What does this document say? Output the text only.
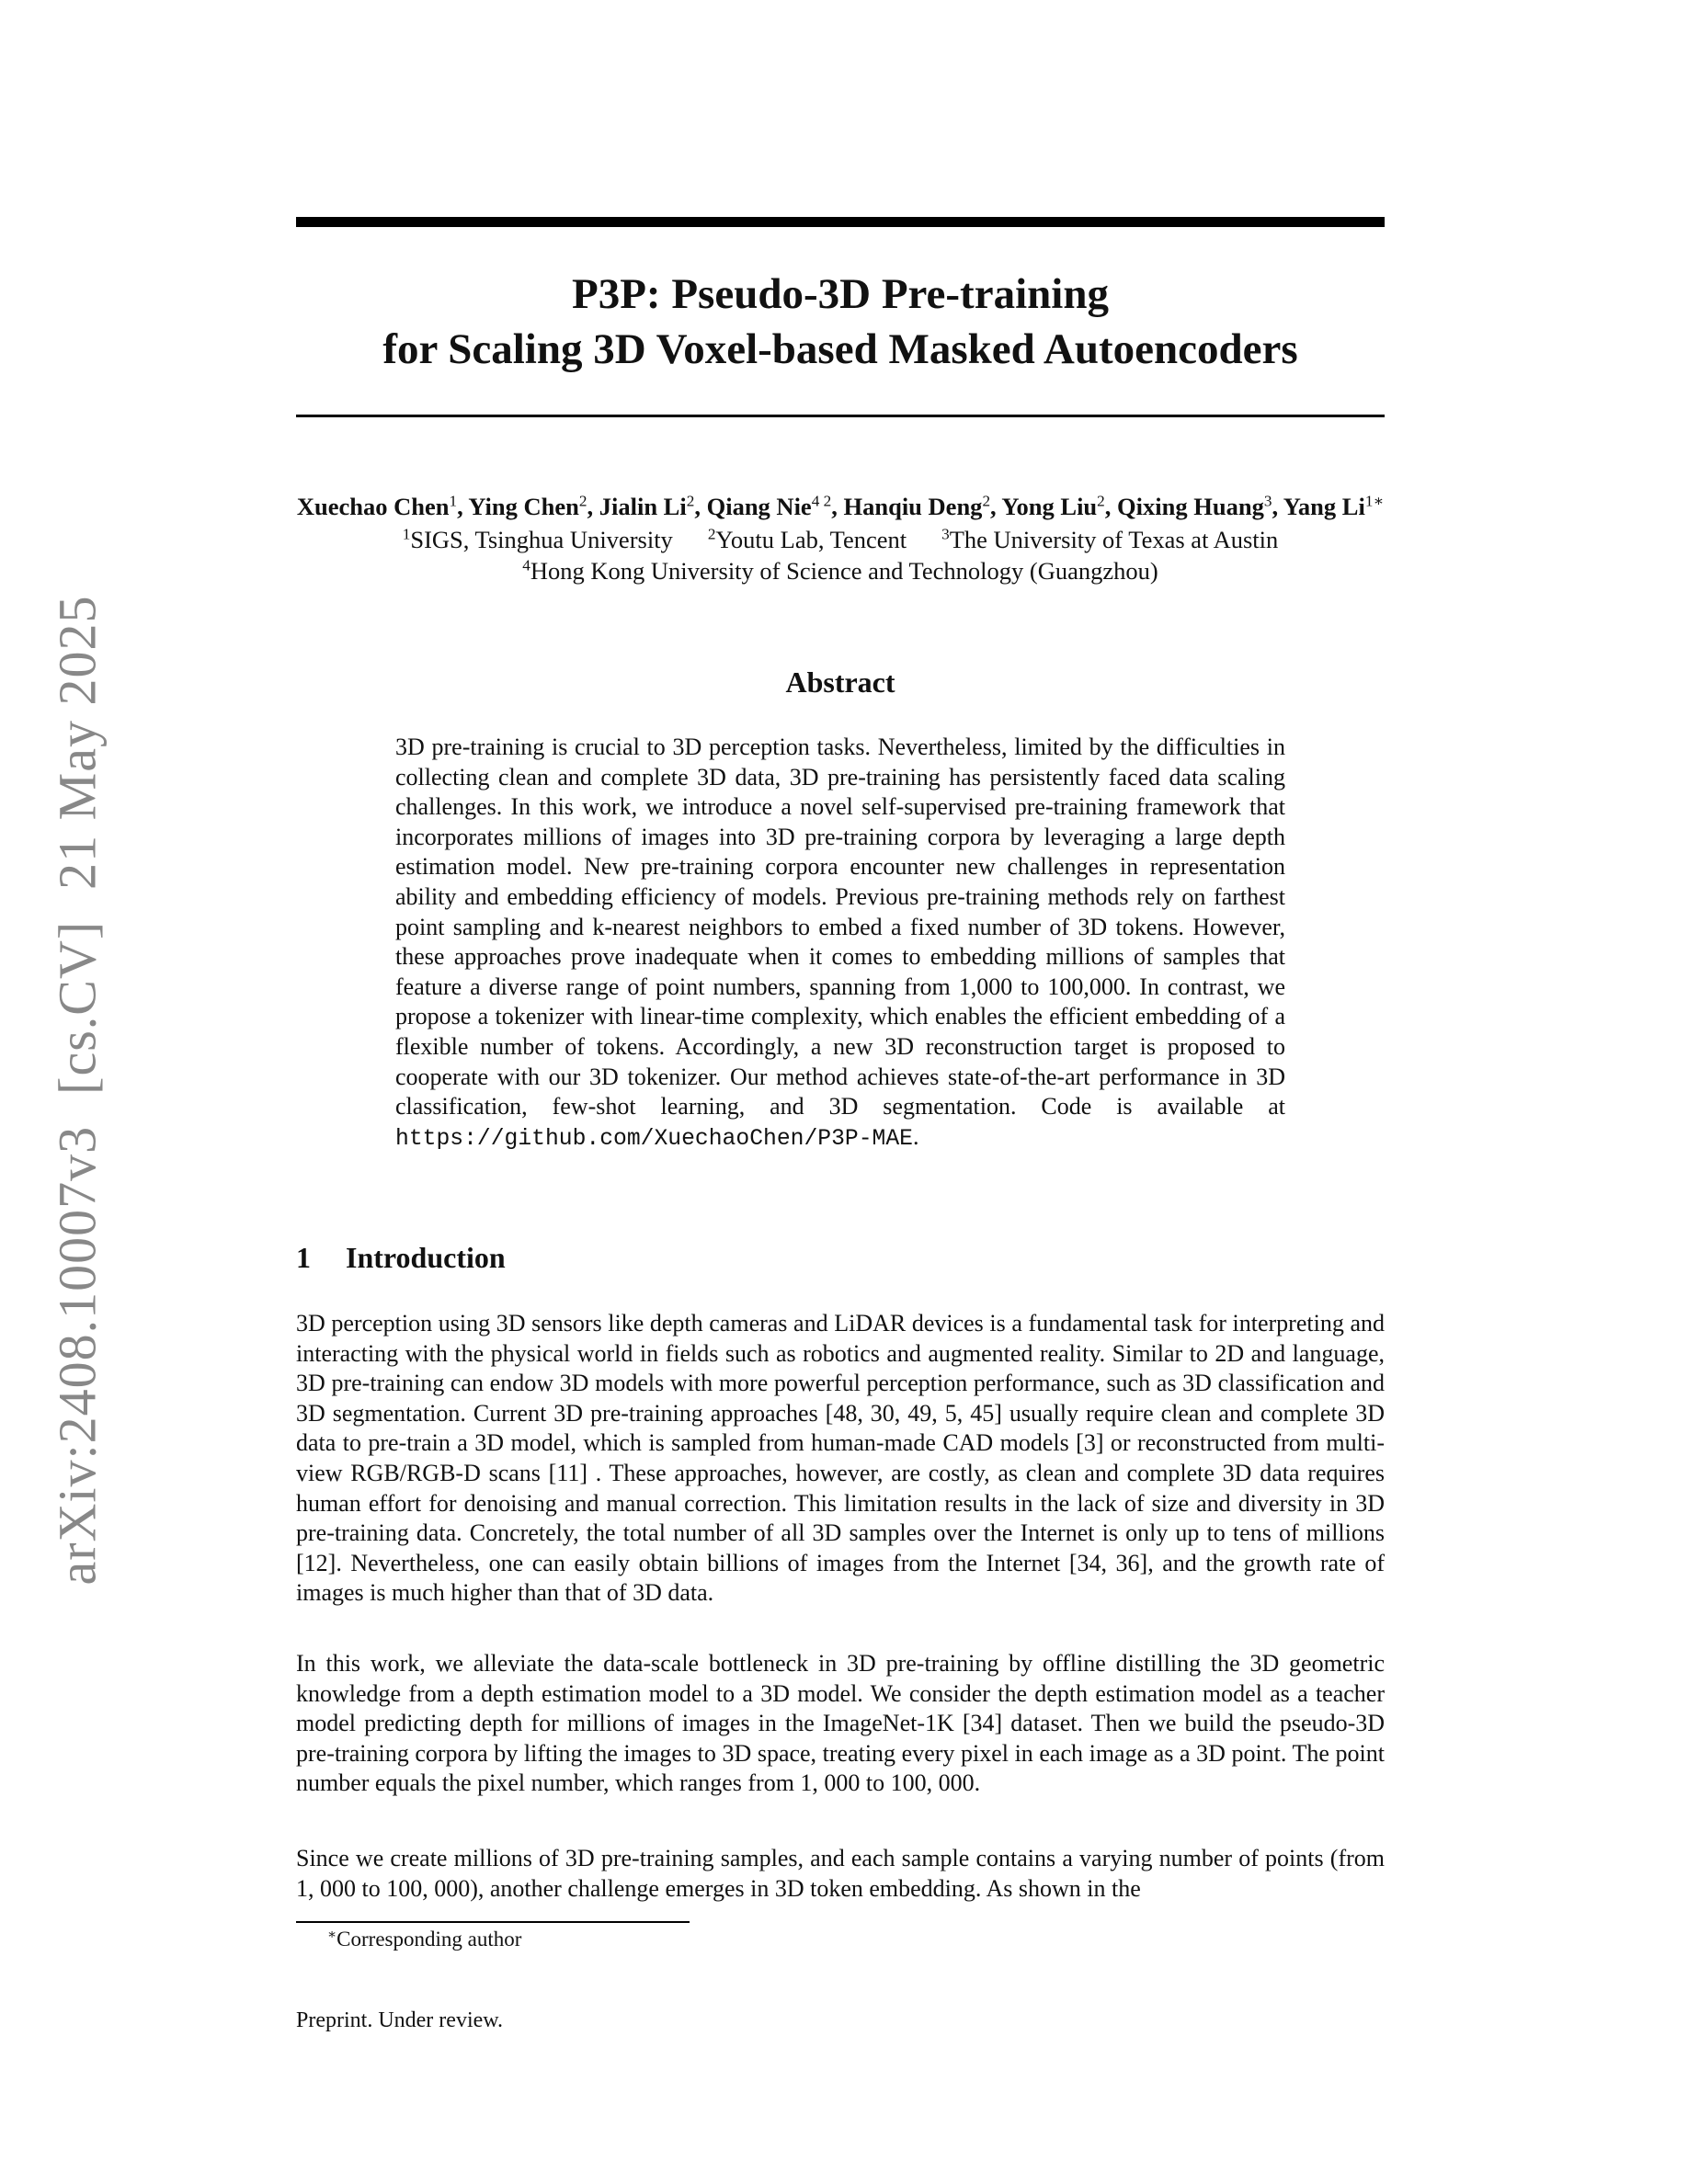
arXiv:2408.10007v3[cs.CV]21 May 2025
P3P: Pseudo-3D Pre-training
for Scaling 3D Voxel-based Masked Autoencoders
Xuechao Chen$^1$, Ying Chen$^2$, Jialin Li$^2$, Qiang Nie$^{4 2}$, Hanqiu Deng$^2$, Yong Liu$^2$, Qixing Huang$^3$, Yang $Li^{1∗}$
$^1$SIGS, Tsinghua University $^2$Youtu Lab, Tencent $^3$The University of Texas at Austin
$^4$Hong Kong University of Science and Technology (Guangzhou)
Abstract

3D pre-training is crucial to 3D perception tasks. Nevertheless, limited by the difficulties in collecting clean and complete 3D data, 3D pre-training has persistently faced data scaling challenges. In this work, we introduce a novel self-supervised pre-training framework that incorporates millions of images into 3D pre-training corpora by leveraging a large depth estimation model. New pre-training corpora encounter new challenges in representation ability and embedding efficiency of models. Previous pre-training methods rely on farthest point sampling and k-nearest neighbors to embed a fixed number of 3D tokens. However, these approaches prove inadequate when it comes to embedding millions of samples that feature a diverse range of point numbers, spanning from 1,000 to 100,000. In contrast, we propose a tokenizer with linear-time complexity, which enables the efficient embedding of a flexible number of tokens. Accordingly, a new 3D reconstruction target is proposed to cooperate with our 3D tokenizer. Our method achieves state-of-the-art performance in 3D classification, few-shot learning, and 3D segmentation. Code is available at https://github.com/XuechaoChen/P3P-MAE.

1 Introduction

3D perception using 3D sensors like depth cameras and LiDAR devices is a fundamental task for interpreting and interacting with the physical world in fields such as robotics and augmented reality. Similar to 2D and language, 3D pre-training can endow 3D models with more powerful perception performance, such as 3D classification and 3D segmentation. Current 3D pre-training approaches [48, 30, 49, 5, 45] usually require clean and complete 3D data to pre-train a 3D model, which is sampled from human-made CAD models [3] or reconstructed from multi-view RGB/RGB-D scans [11] . These approaches, however, are costly, as clean and complete 3D data requires human effort for denoising and manual correction. This limitation results in the lack of size and diversity in 3D pre-training data. Concretely, the total number of all 3D samples over the Internet is only up to tens of millions [12]. Nevertheless, one can easily obtain billions of images from the Internet [34, 36], and the growth rate of images is much higher than that of 3D data.

In this work, we alleviate the data-scale bottleneck in 3D pre-training by offline distilling the 3D geometric knowledge from a depth estimation model to a 3D model. We consider the depth estimation model as a teacher model predicting depth for millions of images in the ImageNet-1K [34] dataset. Then we build the pseudo-3D pre-training corpora by lifting the images to 3D space, treating every pixel in each image as a 3D point. The point number equals the pixel number, which ranges from 1, 000 to 100, 000.

Since we create millions of 3D pre-training samples, and each sample contains a varying number of points (from 1, 000 to 100, 000), another challenge emerges in 3D token embedding. As shown in the

∗Corresponding author
Preprint. Under review.
